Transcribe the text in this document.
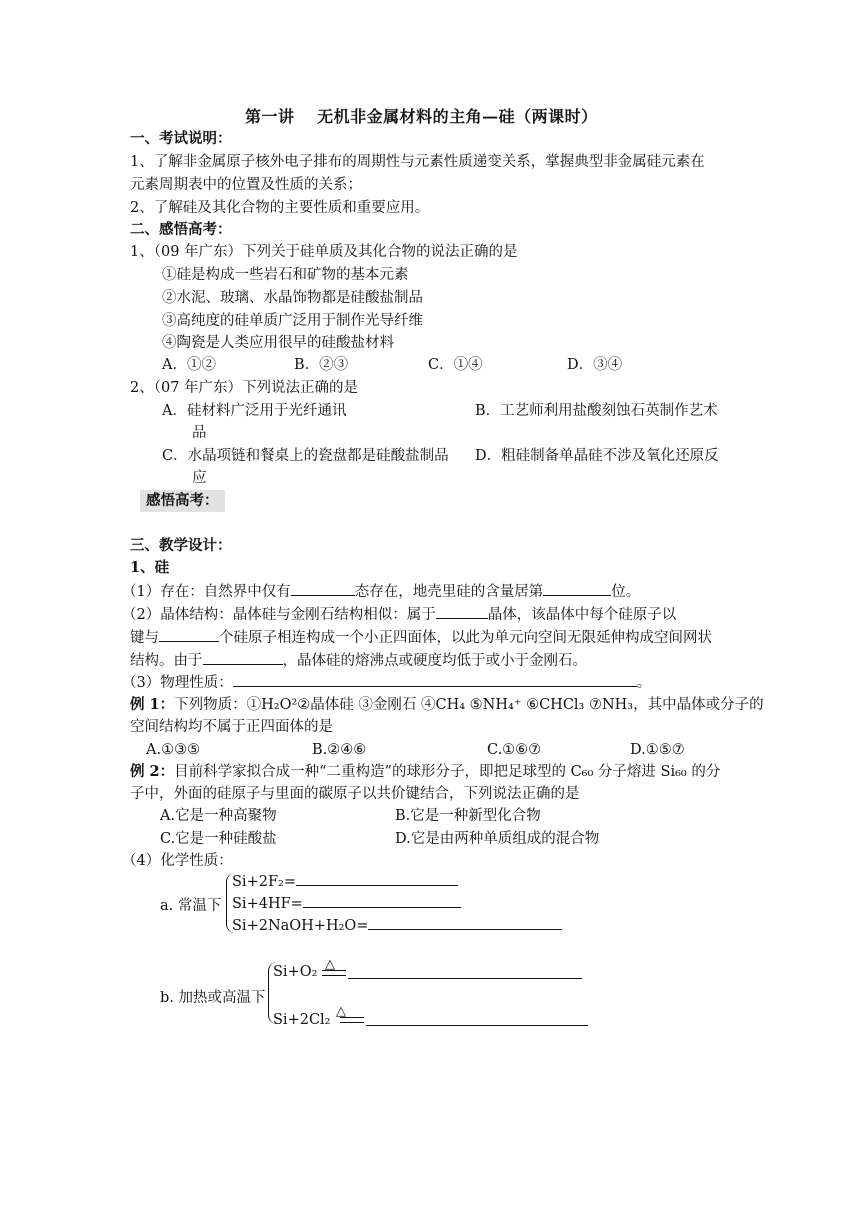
第一讲　 无机非金属材料的主角—硅（两课时）
一、考试说明：
1、了解非金属原子核外电子排布的周期性与元素性质递变关系，掌握典型非金属硅元素在
元素周期表中的位置及性质的关系；
2、了解硅及其化合物的主要性质和重要应用。
二、感悟高考：
1、（09 年广东）下列关于硅单质及其化合物的说法正确的是
①硅是构成一些岩石和矿物的基本元素
②水泥、玻璃、水晶饰物都是硅酸盐制品
③高纯度的硅单质广泛用于制作光导纤维
④陶瓷是人类应用很早的硅酸盐材料
A．①②	B．②③	C．①④	D．③④
2、（07 年广东）下列说法正确的是
A．硅材料广泛用于光纤通讯	B．工艺师利用盐酸刻蚀石英制作艺术
品
C．水晶项链和餐桌上的瓷盘都是硅酸盐制品 D．粗硅制备单晶硅不涉及氧化还原反
应
感悟高考：
三、教学设计：
1、硅
（1）存在：自然界中仅有	态存在，地壳里硅的含量居第	位。
（2）晶体结构：晶体硅与金刚石结构相似：属于	晶体，该晶体中每个硅原子以
键与	个硅原子相连构成一个小正四面体，以此为单元向空间无限延伸构成空间网状
结构。由于	，晶体硅的熔沸点或硬度均低于或小于金刚石。
（3）物理性质：	。
例 1：下列物质：①H₂O²②晶体硅 ③金刚石 ④CH₄ ⑤NH₄⁺ ⑥CHCl₃ ⑦NH₃，其中晶体或分子的
空间结构均不属于正四面体的是
A.①③⑤	B.②④⑥	C.①⑥⑦	D.①⑤⑦
例 2：目前科学家拟合成一种“二重构造”的球形分子，即把足球型的 C₆₀ 分子熔进 Si₆₀ 的分
子中，外面的硅原子与里面的碳原子以共价键结合，下列说法正确的是
A.它是一种高聚物	B.它是一种新型化合物
C.它是一种硅酸盐	D.它是由两种单质组成的混合物
（4）化学性质：
a. 常温下
Si+2F₂=
Si+4HF=
Si+2NaOH+H₂O=
b. 加热或高温下
Si+O₂ △
Si+2Cl₂
△
